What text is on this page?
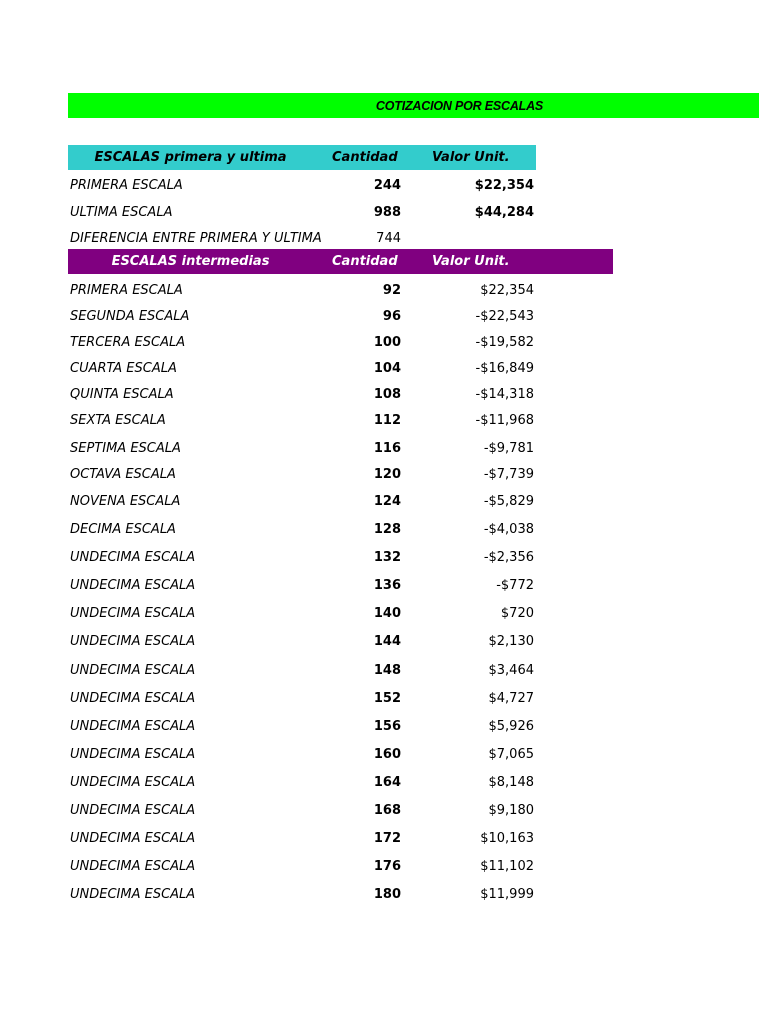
COTIZACION POR ESCALAS
ESCALAS primera y ultima	Cantidad	Valor Unit.
PRIMERA ESCALA	244	$22,354
ULTIMA ESCALA	988	$44,284
DIFERENCIA ENTRE PRIMERA Y ULTIMA	744
ESCALAS intermedias	Cantidad	Valor Unit.
PRIMERA ESCALA	92	$22,354
SEGUNDA ESCALA	96	-$22,543
TERCERA ESCALA	100	-$19,582
CUARTA ESCALA	104	-$16,849
QUINTA ESCALA	108	-$14,318
SEXTA ESCALA	112	-$11,968
SEPTIMA ESCALA	116	-$9,781
OCTAVA ESCALA	120	-$7,739
NOVENA ESCALA	124	-$5,829
DECIMA ESCALA	128	-$4,038
UNDECIMA ESCALA	132	-$2,356
UNDECIMA ESCALA	136	-$772
UNDECIMA ESCALA	140	$720
UNDECIMA ESCALA	144	$2,130
UNDECIMA ESCALA	148	$3,464
UNDECIMA ESCALA	152	$4,727
UNDECIMA ESCALA	156	$5,926
UNDECIMA ESCALA	160	$7,065
UNDECIMA ESCALA	164	$8,148
UNDECIMA ESCALA	168	$9,180
UNDECIMA ESCALA	172	$10,163
UNDECIMA ESCALA	176	$11,102
UNDECIMA ESCALA	180	$11,999
